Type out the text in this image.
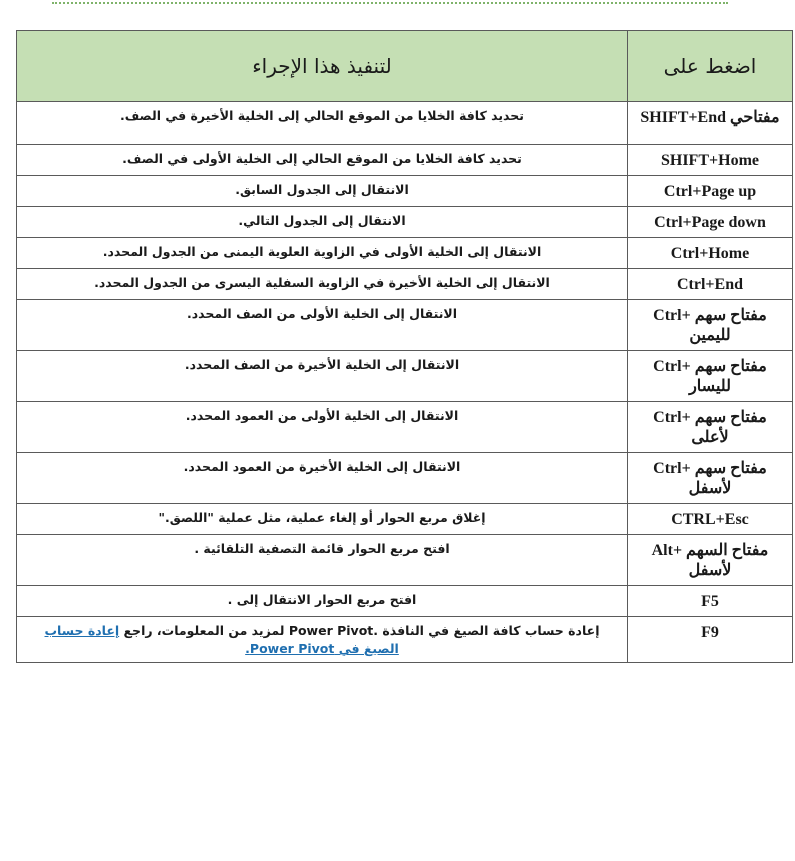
اضغط على	لتنفيذ هذا الإجراء
مفتاحي SHIFT+End	تحديد كافة الخلايا من الموقع الحالي إلى الخلية الأخيرة في الصف.
SHIFT+Home	تحديد كافة الخلايا من الموقع الحالي إلى الخلية الأولى في الصف.
Ctrl+Page up	الانتقال إلى الجدول السابق.
Ctrl+Page down	الانتقال إلى الجدول التالي.
Ctrl+Home	الانتقال إلى الخلية الأولى في الزاوية العلوية اليمنى من الجدول المحدد.
Ctrl+End	الانتقال إلى الخلية الأخيرة في الزاوية السفلية اليسرى من الجدول المحدد.
مفتاح سهم +Ctrl لليمين	الانتقال إلى الخلية الأولى من الصف المحدد.
مفتاح سهم +Ctrl لليسار	الانتقال إلى الخلية الأخيرة من الصف المحدد.
مفتاح سهم +Ctrl لأعلى	الانتقال إلى الخلية الأولى من العمود المحدد.
مفتاح سهم +Ctrl لأسفل	الانتقال إلى الخلية الأخيرة من العمود المحدد.
CTRL+Esc	إغلاق مربع الحوار أو إلغاء عملية، مثل عملية "اللصق."
مفتاح السهم +Alt لأسفل	افتح مربع الحوار قائمة التصفية التلقائية .
F5	افتح مربع الحوار الانتقال إلى .
F9	إعادة حساب كافة الصيغ في النافذة .Power Pivot لمزيد من المعلومات، راجع إعادة حساب الصيغ في Power Pivot.
